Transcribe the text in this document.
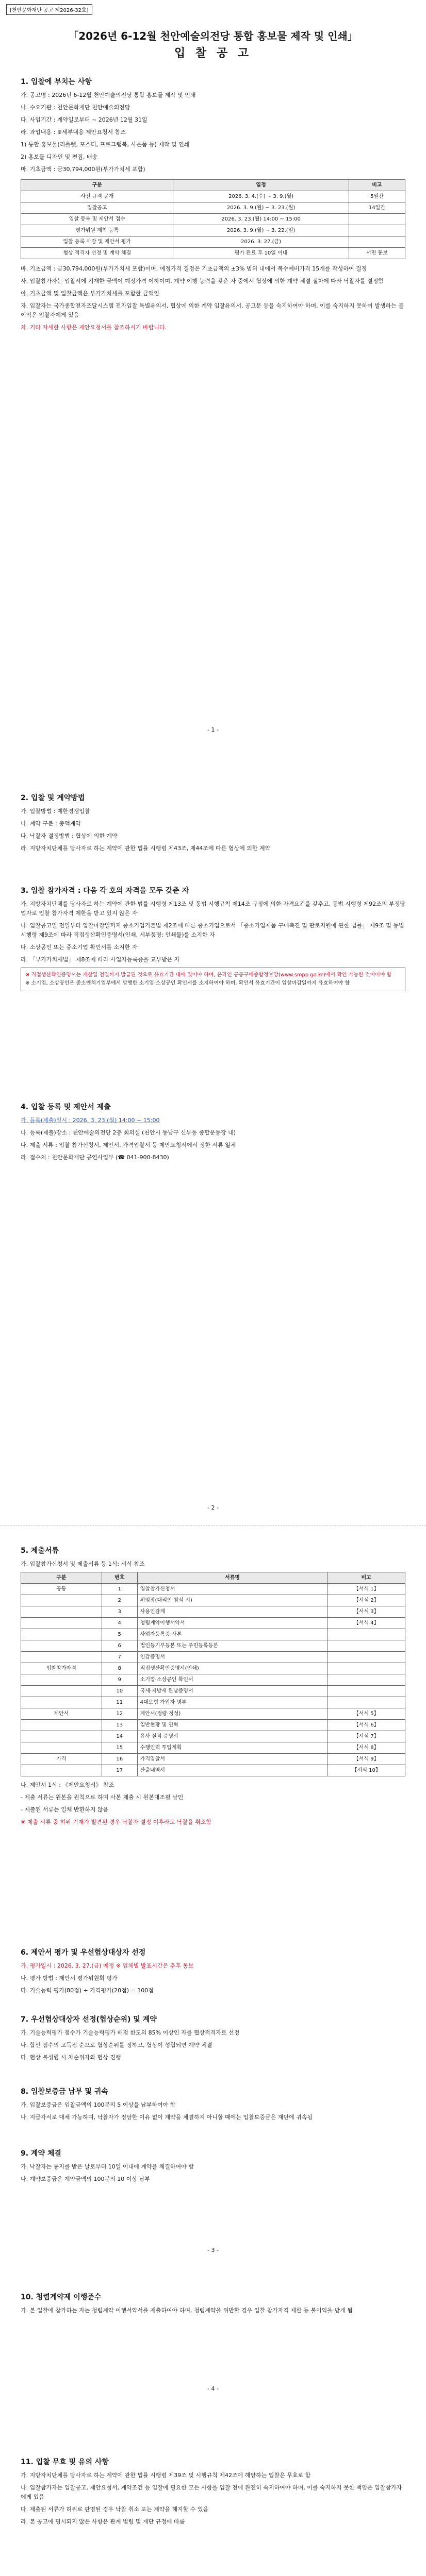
[천안문화재단 공고 제2026-32호]
「2026년 6-12월 천안예술의전당 통합 홍보물 제작 및 인쇄」
입 찰 공 고
1. 입찰에 부치는 사항

가. 공고명 : 2026년 6-12월 천안예술의전당 통합 홍보물 제작 및 인쇄

나. 수요기관 : 천안문화재단 천안예술의전당

다. 사업기간 : 계약일로부터 ~ 2026년 12월 31일

라. 과업내용 : ※세부내용 제안요청서 참조

1) 통합 홍보물(리플렛, 포스터, 프로그램북, 사은품 등) 제작 및 인쇄

2) 홍보물 디자인 및 편집, 배송

마. 기초금액 : 금30,794,000원(부가가치세 포함)

구분	일정	비고
사전 규격 공개	2026. 3. 4.(수) ~ 3. 9.(월)	5일간
입찰공고	2026. 3. 9.(월) ~ 3. 23.(월)	14일간
입찰 등록 및 제안서 접수	2026. 3. 23.(월) 14:00 ~ 15:00	
평가위원 제척 등록	2026. 3. 9.(월) ~ 3. 22.(일)	
입찰 등록 마감 및 제안서 평가	2026. 3. 27.(금)	
협상 적격자 선정 및 계약 체결	평가 완료 후 10일 이내	서면 통보

바. 기초금액 : 금30,794,000원(부가가치세 포함)이며, 예정가격 결정은 기초금액의 ±3% 범위 내에서 복수예비가격 15개를 작성하여 결정

사. 입찰참가자는 입찰서에 기재한 금액이 예정가격 이하이며, 계약 이행 능력을 갖춘 자 중에서 협상에 의한 계약 체결 절차에 따라 낙찰자를 결정함

아. 기초금액 및 입찰금액은 부가가치세를 포함한 금액임

자. 입찰자는 국가종합전자조달시스템 전자입찰 특별유의서, 협상에 의한 계약 입찰유의서, 공고문 등을 숙지하여야 하며, 이를 숙지하지 못하여 발생하는 불이익은 입찰자에게 있음

차. 기타 자세한 사항은 제안요청서를 참조하시기 바랍니다.

- 1 -
2. 입찰 및 계약방법

가. 입찰방법 : 제한경쟁입찰

나. 계약 구분 : 총액계약

다. 낙찰자 결정방법 : 협상에 의한 계약

라. 지방자치단체를 당사자로 하는 계약에 관한 법률 시행령 제43조, 제44조에 따른 협상에 의한 계약

3. 입찰 참가자격 : 다음 각 호의 자격을 모두 갖춘 자

가. 지방자치단체를 당사자로 하는 계약에 관한 법률 시행령 제13조 및 동법 시행규칙 제14조 규정에 의한 자격요건을 갖추고, 동법 시행령 제92조의 부정당업자로 입찰 참가자격 제한을 받고 있지 않은 자

나. 입찰공고일 전일부터 입찰마감일까지 중소기업기본법 제2조에 따른 중소기업으로서 「중소기업제품 구매촉진 및 판로지원에 관한 법률」 제9조 및 동법 시행령 제9조에 따라 직접생산확인증명서(인쇄, 세부품명: 인쇄물)를 소지한 자

다. 소상공인 또는 중소기업 확인서를 소지한 자

라. 「부가가치세법」 제8조에 따라 사업자등록증을 교부받은 자

※ 직접생산확인증명서는 개찰일 전일까지 발급된 것으로 유효기간 내에 있어야 하며, 온라인 공공구매종합정보망(www.smpp.go.kr)에서 확인 가능한 것이어야 함
※ 소기업, 소상공인은 중소벤처기업부에서 발행한 소기업·소상공인 확인서를 소지하여야 하며, 확인서 유효기간이 입찰마감일까지 유효하여야 함
4. 입찰 등록 및 제안서 제출

가. 등록(제출)일시 : 2026. 3. 23.(월) 14:00 ~ 15:00

나. 등록(제출)장소 : 천안예술의전당 2층 회의실 (천안시 동남구 신부동 종합운동장 내)

다. 제출 서류 : 입찰 참가신청서, 제안서, 가격입찰서 등 제안요청서에서 정한 서류 일체

라. 접수처 : 천안문화재단 공연사업부 (☎ 041-900-8430)

- 2 -
5. 제출서류

가. 입찰참가신청서 및 제출서류 등 1식: 서식 참조

구분	번호	서류명	비고
공통	1	입찰참가신청서	【서식 1】
	2	위임장(대리인 참석 시)	【서식 2】
	3	사용인감계	【서식 3】
	4	청렴계약이행서약서	【서식 4】
	5	사업자등록증 사본	
	6	법인등기부등본 또는 주민등록등본	
	7	인감증명서	
입찰참가자격	8	직접생산확인증명서(인쇄)	
	9	소기업·소상공인 확인서	
	10	국세·지방세 완납증명서	
	11	4대보험 가입자 명부	
제안서	12	제안서(정량·정성)	【서식 5】
	13	일반현황 및 연혁	【서식 6】
	14	유사 실적 증명서	【서식 7】
	15	수행인력 투입계획	【서식 8】
가격	16	가격입찰서	【서식 9】
	17	산출내역서	【서식 10】

나. 제안서 1식 : 《제안요청서》 참조

- 제출 서류는 원본을 원칙으로 하며 사본 제출 시 원본대조필 날인

- 제출된 서류는 일체 반환하지 않음

※ 제출 서류 중 허위 기재가 발견된 경우 낙찰자 결정 이후라도 낙찰을 취소함

6. 제안서 평가 및 우선협상대상자 선정

가. 평가일시 : 2026. 3. 27.(금) 예정 ※ 업체별 발표시간은 추후 통보

나. 평가 방법 : 제안서 평가위원회 평가

다. 기술능력 평가(80점) + 가격평가(20점) = 100점

7. 우선협상대상자 선정(협상순위) 및 계약

가. 기술능력평가 점수가 기술능력평가 배점 한도의 85% 이상인 자를 협상적격자로 선정

나. 합산 점수의 고득점 순으로 협상순위를 정하고, 협상이 성립되면 계약 체결

다. 협상 불성립 시 차순위자와 협상 진행

8. 입찰보증금 납부 및 귀속

가. 입찰보증금은 입찰금액의 100분의 5 이상을 납부하여야 함

나. 지급각서로 대체 가능하며, 낙찰자가 정당한 이유 없이 계약을 체결하지 아니할 때에는 입찰보증금은 재단에 귀속됨

9. 계약 체결

가. 낙찰자는 통지를 받은 날로부터 10일 이내에 계약을 체결하여야 함

나. 계약보증금은 계약금액의 100분의 10 이상 납부

- 3 -
10. 청렴계약제 이행준수

가. 본 입찰에 참가하는 자는 청렴계약 이행서약서를 제출하여야 하며, 청렴계약을 위반할 경우 입찰 참가자격 제한 등 불이익을 받게 됨

- 4 -
11. 입찰 무효 및 유의 사항

가. 지방자치단체를 당사자로 하는 계약에 관한 법률 시행령 제39조 및 시행규칙 제42조에 해당하는 입찰은 무효로 함

나. 입찰참가자는 입찰공고, 제안요청서, 계약조건 등 입찰에 필요한 모든 사항을 입찰 전에 완전히 숙지하여야 하며, 이를 숙지하지 못한 책임은 입찰참가자에게 있음

다. 제출된 서류가 허위로 판명된 경우 낙찰 취소 또는 계약을 해지할 수 있음

라. 본 공고에 명시되지 않은 사항은 관계 법령 및 재단 규정에 따름
